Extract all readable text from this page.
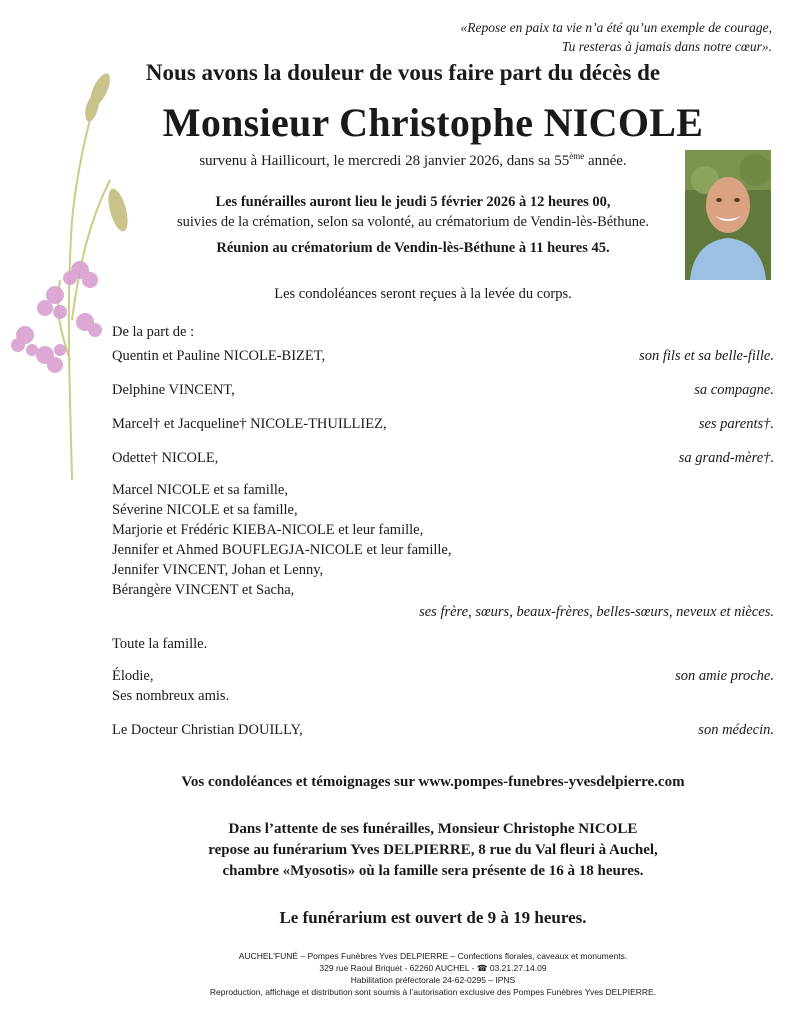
«Repose en paix ta vie n’a été qu’un exemple de courage,
Tu resteras à jamais dans notre cœur».
Nous avons la douleur de vous faire part du décès de
Monsieur Christophe NICOLE
survenu à Haillicourt, le mercredi 28 janvier 2026, dans sa 55ème année.
Les funérailles auront lieu le jeudi 5 février 2026 à 12 heures 00,
suivies de la crémation, selon sa volonté, au crématorium de Vendin-lès-Béthune.
Réunion au crématorium de Vendin-lès-Béthune à 11 heures 45.
Les condoléances seront reçues à la levée du corps.
De la part de :
Quentin et Pauline NICOLE-BIZET,	son fils et sa belle-fille.
Delphine VINCENT,	sa compagne.
Marcel† et Jacqueline† NICOLE-THUILLIEZ,	ses parents†.
Odette† NICOLE,	sa grand-mère†.
Marcel NICOLE et sa famille,
Séverine NICOLE et sa famille,
Marjorie et Frédéric KIEBA-NICOLE et leur famille,
Jennifer et Ahmed BOUFLEGJA-NICOLE et leur famille,
Jennifer VINCENT, Johan et Lenny,
Bérangère VINCENT et Sacha,
ses frère, sœurs, beaux-frères, belles-sœurs, neveux et nièces.
Toute la famille.
Élodie,	son amie proche.
Ses nombreux amis.
Le Docteur Christian DOUILLY,	son médecin.
Vos condoléances et témoignages sur www.pompes-funebres-yvesdelpierre.com
Dans l’attente de ses funérailles, Monsieur Christophe NICOLE
repose au funérarium Yves DELPIERRE, 8 rue du Val fleuri à Auchel,
chambre «Myosotis» où la famille sera présente de 16 à 18 heures.
Le funérarium est ouvert de 9 à 19 heures.
AUCHEL'FUNÉ – Pompes Funèbres Yves DELPIERRE – Confections florales, caveaux et monuments.
329 rue Raoul Briquet - 62260 AUCHEL - ☎ 03.21.27.14.09
Habilitation préfectorale 24-62-0295 – IPNS
Reproduction, affichage et distribution sont soumis à l’autorisation exclusive des Pompes Funèbres Yves DELPIERRE.
